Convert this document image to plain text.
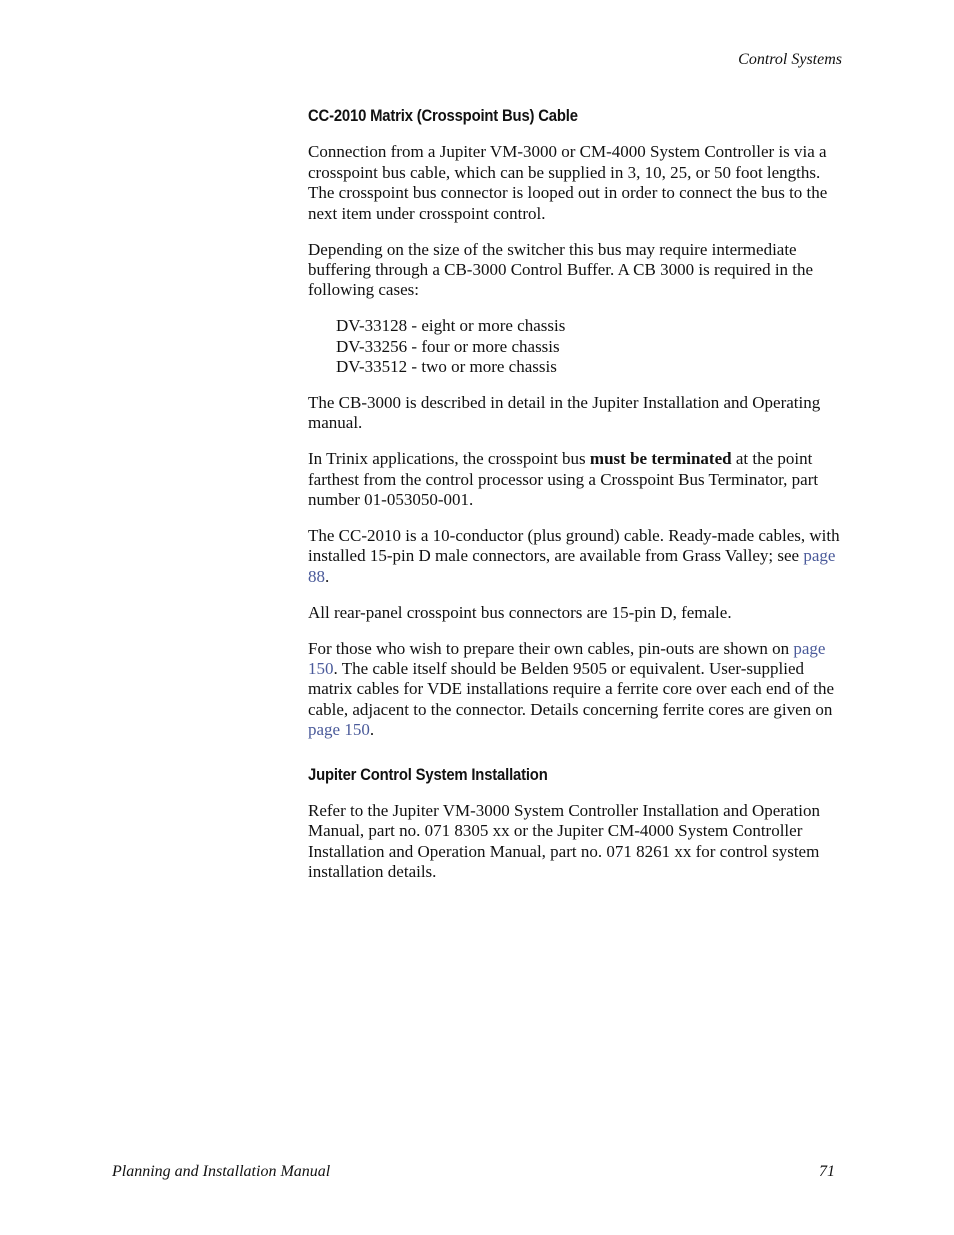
Control Systems
CC-2010 Matrix (Crosspoint Bus) Cable

Connection from a Jupiter VM-3000 or CM-4000 System Controller is via a crosspoint bus cable, which can be supplied in 3, 10, 25, or 50 foot lengths. The crosspoint bus connector is looped out in order to connect the bus to the next item under crosspoint control.

Depending on the size of the switcher this bus may require intermediate buffering through a CB-3000 Control Buffer. A CB 3000 is required in the following cases:

DV-33128 - eight or more chassis
DV-33256 - four or more chassis
DV-33512 - two or more chassis

The CB-3000 is described in detail in the Jupiter Installation and Operating manual.

In Trinix applications, the crosspoint bus must be terminated at the point farthest from the control processor using a Crosspoint Bus Terminator, part number 01-053050-001.

The CC-2010 is a 10-conductor (plus ground) cable. Ready-made cables, with installed 15-pin D male connectors, are available from Grass Valley; see page 88.

All rear-panel crosspoint bus connectors are 15-pin D, female.

For those who wish to prepare their own cables, pin-outs are shown on page 150. The cable itself should be Belden 9505 or equivalent. User-supplied matrix cables for VDE installations require a ferrite core over each end of the cable, adjacent to the connector. Details concerning ferrite cores are given on page 150.

Jupiter Control System Installation

Refer to the Jupiter VM-3000 System Controller Installation and Operation Manual, part no. 071 8305 xx or the Jupiter CM-4000 System Controller Installation and Operation Manual, part no. 071 8261 xx for control system installation details.

Planning and Installation Manual	71
